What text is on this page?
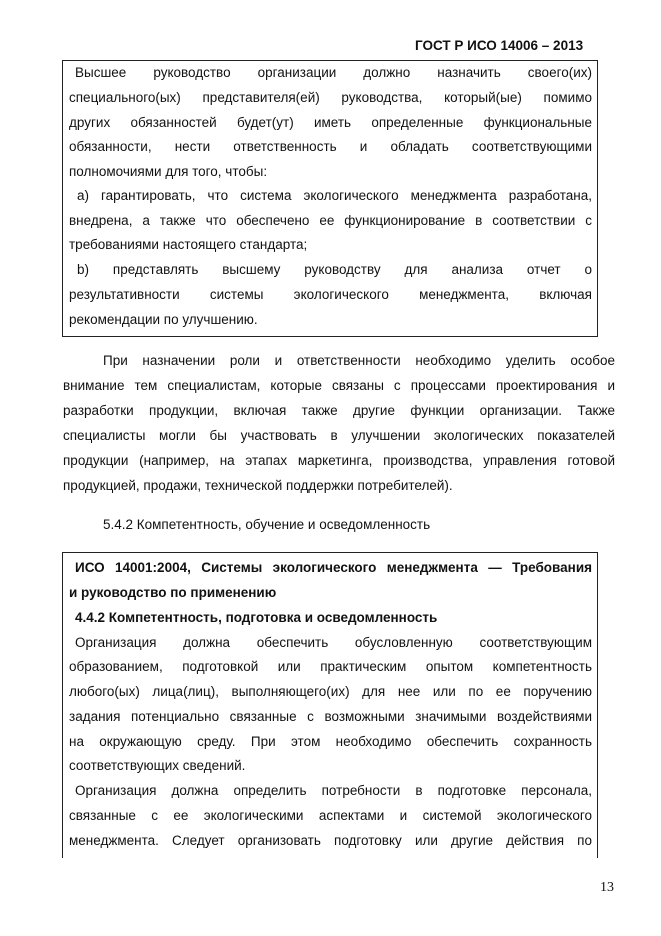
ГОСТ Р ИСО 14006 – 2013
Высшее руководство организации должно назначить своего(их)
специального(ых) представителя(ей) руководства, который(ые) помимо
других обязанностей будет(ут) иметь определенные функциональные
обязанности, нести ответственность и обладать соответствующими
полномочиями для того, чтобы:
a) гарантировать, что система экологического менеджмента разработана,
внедрена, а также что обеспечено ее функционирование в соответствии с
требованиями настоящего стандарта;
b) представлять высшему руководству для анализа отчет о
результативности системы экологического менеджмента, включая
рекомендации по улучшению.
При назначении роли и ответственности необходимо уделить особое
внимание тем специалистам, которые связаны с процессами проектирования и
разработки продукции, включая также другие функции организации. Также
специалисты могли бы участвовать в улучшении экологических показателей
продукции (например, на этапах маркетинга, производства, управления готовой
продукцией, продажи, технической поддержки потребителей).
5.4.2 Компетентность, обучение и осведомленность
ИСО 14001:2004, Системы экологического менеджмента — Требования
и руководство по применению
4.4.2 Компетентность, подготовка и осведомленность
Организация должна обеспечить обусловленную соответствующим
образованием, подготовкой или практическим опытом компетентность
любого(ых) лица(лиц), выполняющего(их) для нее или по ее поручению
задания потенциально связанные с возможными значимыми воздействиями
на окружающую среду. При этом необходимо обеспечить сохранность
соответствующих сведений.
Организация должна определить потребности в подготовке персонала,
связанные с ее экологическими аспектами и системой экологического
менеджмента. Следует организовать подготовку или другие действия по
13
